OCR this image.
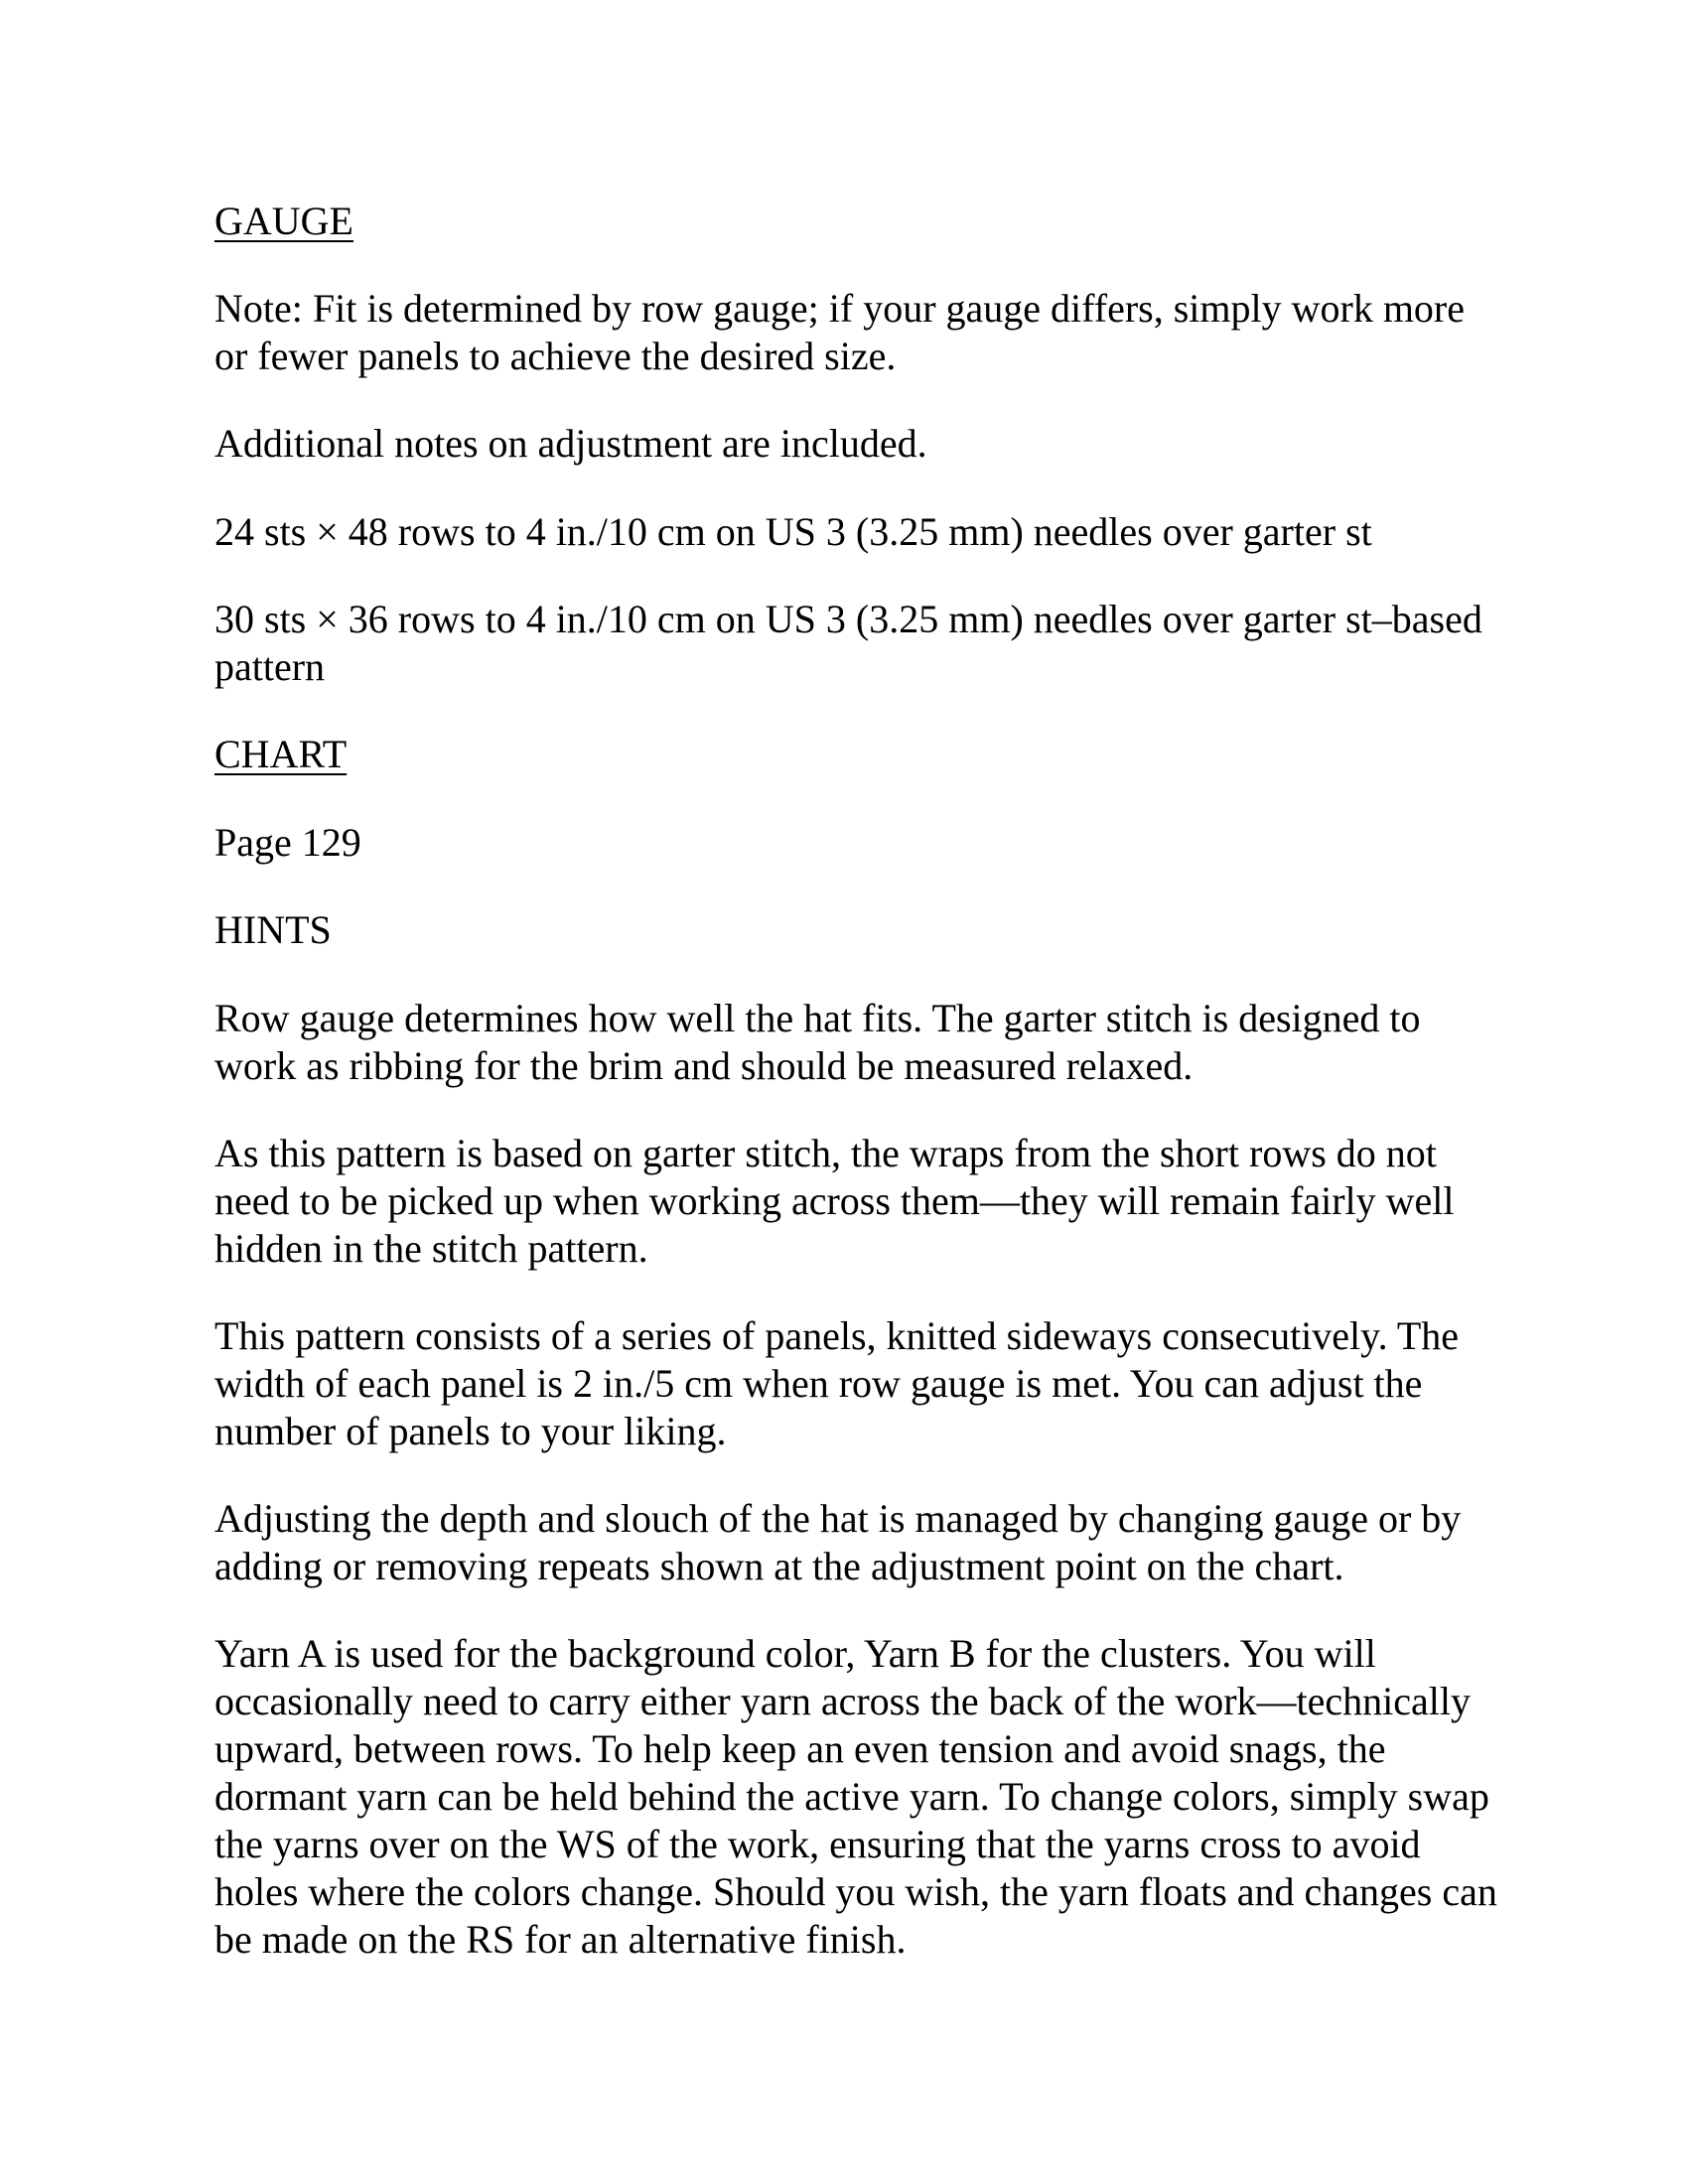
GAUGE

Note: Fit is determined by row gauge; if your gauge differs, simply work more or fewer panels to achieve the desired size.

Additional notes on adjustment are included.

24 sts × 48 rows to 4 in./10 cm on US 3 (3.25 mm) needles over garter st

30 sts × 36 rows to 4 in./10 cm on US 3 (3.25 mm) needles over garter st–based pattern

CHART

Page 129

HINTS

Row gauge determines how well the hat fits. The garter stitch is designed to work as ribbing for the brim and should be measured relaxed.

As this pattern is based on garter stitch, the wraps from the short rows do not need to be picked up when working across them—they will remain fairly well hidden in the stitch pattern.

This pattern consists of a series of panels, knitted sideways consecutively. The width of each panel is 2 in./5 cm when row gauge is met. You can adjust the number of panels to your liking.

Adjusting the depth and slouch of the hat is managed by changing gauge or by adding or removing repeats shown at the adjustment point on the chart.

Yarn A is used for the background color, Yarn B for the clusters. You will occasionally need to carry either yarn across the back of the work—technically upward, between rows. To help keep an even tension and avoid snags, the dormant yarn can be held behind the active yarn. To change colors, simply swap the yarns over on the WS of the work, ensuring that the yarns cross to avoid holes where the colors change. Should you wish, the yarn floats and changes can be made on the RS for an alternative finish.
